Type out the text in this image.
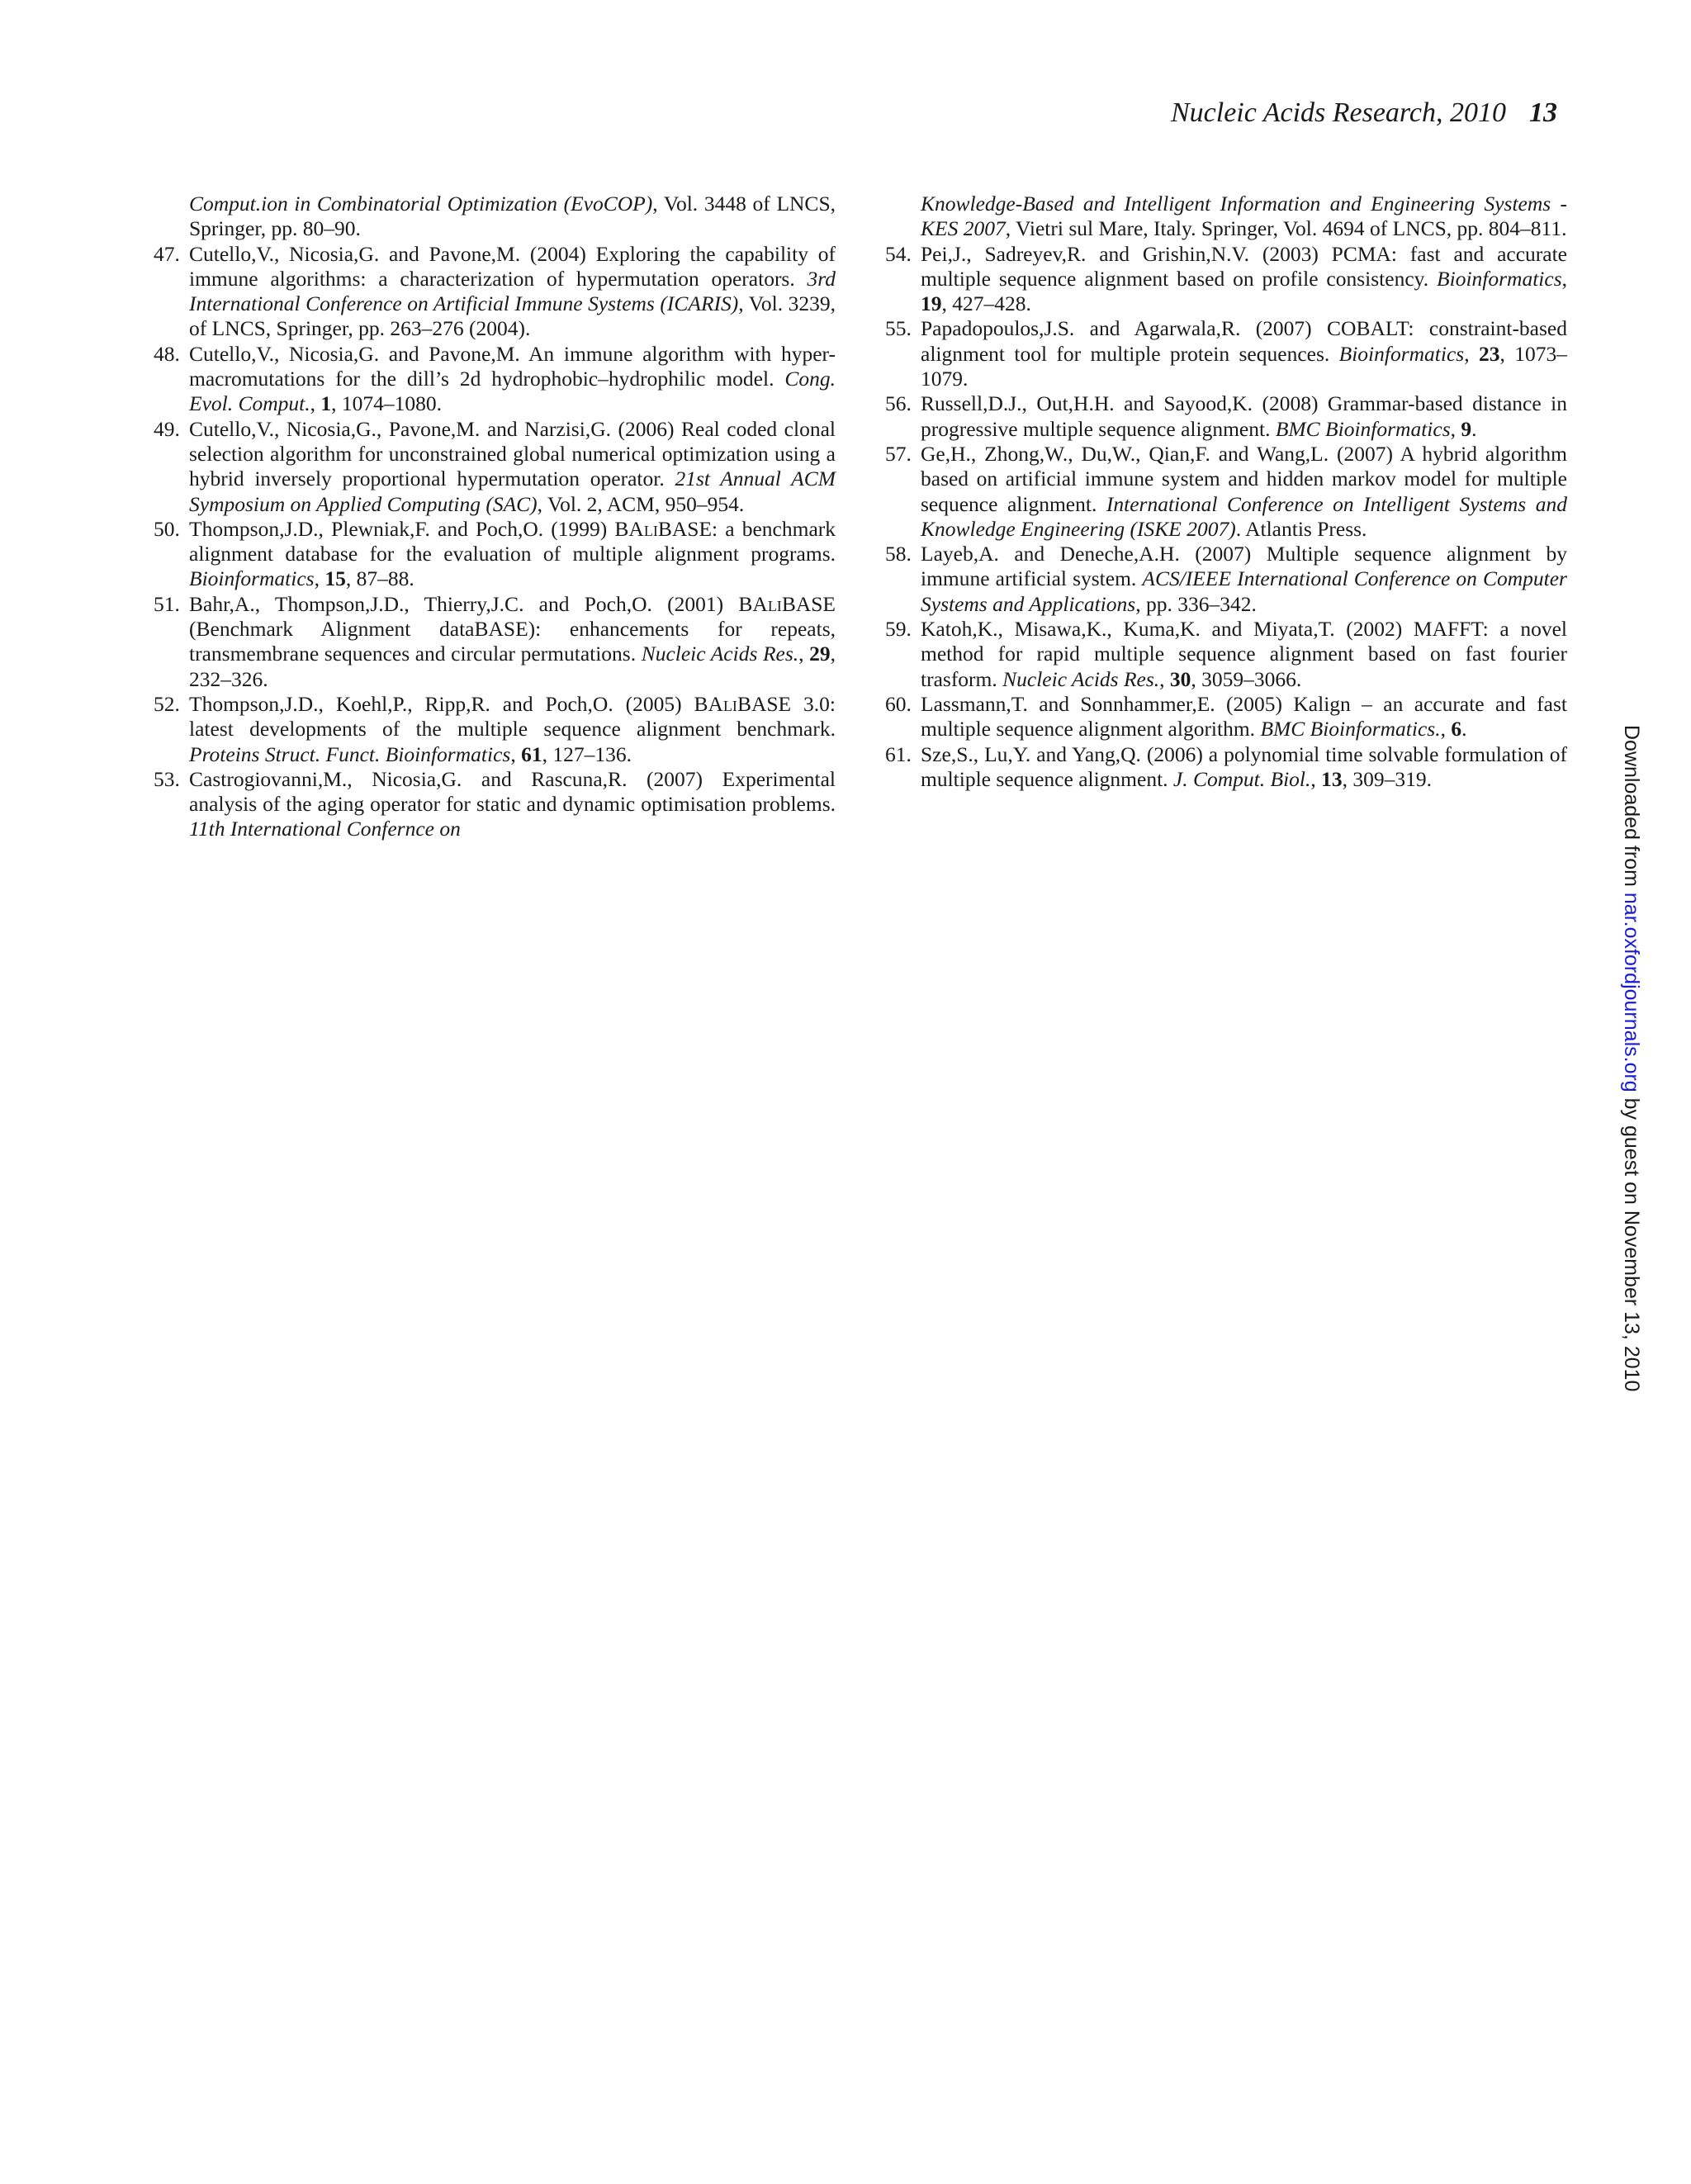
Nucleic Acids Research, 2010 13
Comput.ion in Combinatorial Optimization (EvoCOP), Vol. 3448 of LNCS, Springer, pp. 80–90.
47. Cutello,V., Nicosia,G. and Pavone,M. (2004) Exploring the capability of immune algorithms: a characterization of hypermutation operators. 3rd International Conference on Artificial Immune Systems (ICARIS), Vol. 3239, of LNCS, Springer, pp. 263–276 (2004).
48. Cutello,V., Nicosia,G. and Pavone,M. An immune algorithm with hyper-macromutations for the dill’s 2d hydrophobic–hydrophilic model. Cong. Evol. Comput., 1, 1074–1080.
49. Cutello,V., Nicosia,G., Pavone,M. and Narzisi,G. (2006) Real coded clonal selection algorithm for unconstrained global numerical optimization using a hybrid inversely proportional hypermutation operator. 21st Annual ACM Symposium on Applied Computing (SAC), Vol. 2, ACM, 950–954.
50. Thompson,J.D., Plewniak,F. and Poch,O. (1999) BAliBASE: a benchmark alignment database for the evaluation of multiple alignment programs. Bioinformatics, 15, 87–88.
51. Bahr,A., Thompson,J.D., Thierry,J.C. and Poch,O. (2001) BAliBASE (Benchmark Alignment dataBASE): enhancements for repeats, transmembrane sequences and circular permutations. Nucleic Acids Res., 29, 232–326.
52. Thompson,J.D., Koehl,P., Ripp,R. and Poch,O. (2005) BAliBASE 3.0: latest developments of the multiple sequence alignment benchmark. Proteins Struct. Funct. Bioinformatics, 61, 127–136.
53. Castrogiovanni,M., Nicosia,G. and Rascuna,R. (2007) Experimental analysis of the aging operator for static and dynamic optimisation problems. 11th International Confernce on
Knowledge-Based and Intelligent Information and Engineering Systems - KES 2007, Vietri sul Mare, Italy. Springer, Vol. 4694 of LNCS, pp. 804–811.
54. Pei,J., Sadreyev,R. and Grishin,N.V. (2003) PCMA: fast and accurate multiple sequence alignment based on profile consistency. Bioinformatics, 19, 427–428.
55. Papadopoulos,J.S. and Agarwala,R. (2007) COBALT: constraint-based alignment tool for multiple protein sequences. Bioinformatics, 23, 1073–1079.
56. Russell,D.J., Out,H.H. and Sayood,K. (2008) Grammar-based distance in progressive multiple sequence alignment. BMC Bioinformatics, 9.
57. Ge,H., Zhong,W., Du,W., Qian,F. and Wang,L. (2007) A hybrid algorithm based on artificial immune system and hidden markov model for multiple sequence alignment. International Conference on Intelligent Systems and Knowledge Engineering (ISKE 2007). Atlantis Press.
58. Layeb,A. and Deneche,A.H. (2007) Multiple sequence alignment by immune artificial system. ACS/IEEE International Conference on Computer Systems and Applications, pp. 336–342.
59. Katoh,K., Misawa,K., Kuma,K. and Miyata,T. (2002) MAFFT: a novel method for rapid multiple sequence alignment based on fast fourier trasform. Nucleic Acids Res., 30, 3059–3066.
60. Lassmann,T. and Sonnhammer,E. (2005) Kalign – an accurate and fast multiple sequence alignment algorithm. BMC Bioinformatics., 6.
61. Sze,S., Lu,Y. and Yang,Q. (2006) a polynomial time solvable formulation of multiple sequence alignment. J. Comput. Biol., 13, 309–319.	Downloaded from nar.oxfordjournals.org by guest on November 13, 2010
